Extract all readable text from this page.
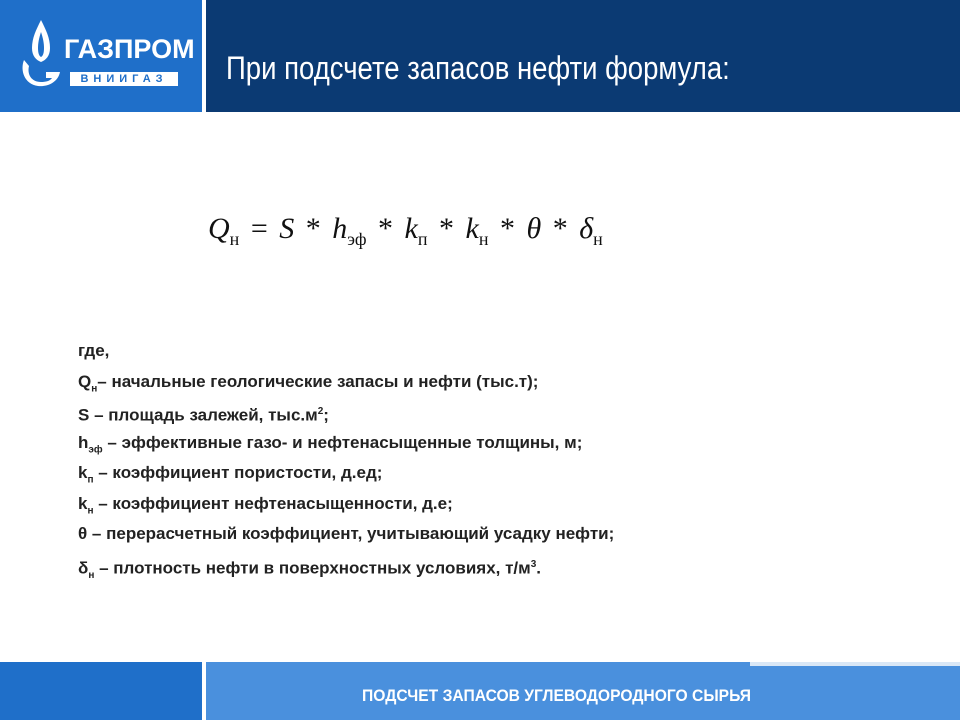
ГАЗПРОМ
ВНИИГАЗ	При подсчете запасов нефти формула:
$Q_н = S * h_{эф} * k_п * k_н * \theta * \delta_н$
где,
$Q_н-$ начальные геологические запасы и нефти (тыс.т);
S – площадь залежей, $тыс.м^2$;
$h_{эф}$ – эффективные газо- и нефтенасыщенные толщины, м;
$k_п$ – коэффициент пористости, д.ед;
$k_н$ – коэффициент нефтенасыщенности, д.е;
θ – перерасчетный коэффициент, учитывающий усадку нефти;
$\delta_н$ – плотность нефти в поверхностных условиях, $т/м^3$.
ПОДСЧЕТ ЗАПАСОВ УГЛЕВОДОРОДНОГО СЫРЬЯ
